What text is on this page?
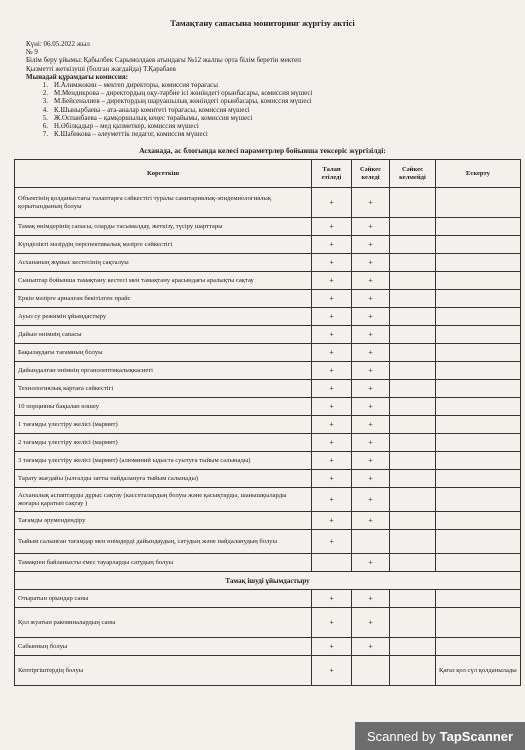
Тамақтану сапасына мониторинг жүргізу актісі
Күні: 06.05.2022 жыл
№ 9
Білім беру ұйымы: Қабылбек Сарымолдаев атындағы №12 жалпы орта білім беретін мектеп
Қызметті жеткізуші (болған жағдайда) Т.Қарабаев
Мынадай құрамдағы комиссия:
1. И.Алимжокин – мектеп директоры, комиссия төрағасы
2. М.Мендикрова – директордың оқу-тәрбие ісі жөніндегі орынбасары, комиссия мүшесі
3. М.Бейсеналиев – директордың шаруашылық жөніндегі орынбасары, комиссия мүшесі
4. К.Шынырбаева – ата-аналар комитеті төрағасы, комиссия мүшесі
5. Ж.Оспанбаева – қамқоршылық кеңес төрайымы, комиссия мүшесі
6. Н.Әбілқадыр – мед қызметкер, комиссия мүшесі
7. К.Шабикова – әлеуметтік педагог, комиссия мүшесі
Асханада, ас блогында келесі параметрлер бойынша тексеріс жүргізілді:
Көрсеткіш	Талап етіледі	Сәйкес келеді	Сәйкес келмейді	Ескерту
Объектінің қолданыстағы талаптарға сәйкестігі туралы санитариялық-эпидемиологиялық қорытындының болуы	+	+		
Тамақ өнімдерінің сапасы, оларды тасымалдау, жеткізу, түсіру шарттары	+	+		
Күнделікті мәзірдің перспективалық мәзірге сәйкестігі	+	+		
Асхананың жұмыс кестесінің сақталуы	+	+		
Сыныптар бойынша тамақтану кестесі мен тамақтану арасындағы аралықты сақтау	+	+		
Еркін мәзірге арналған бекітілген прайс	+	+		
Ауыз су режимін ұйымдастыру	+	+		
Дайын өнімнің сапасы	+	+		
Бақылаудағы тағамның болуы	+	+		
Дайындалған өнімнің органолептикалықкасиеті	+	+		
Технологиялық картаға сәйкестігі	+	+		
10 порцияны бақылап өлшеу	+	+		
1 тағамды үлестіру желісі (мармит)	+	+		
2 тағамды үлестіру желісі (мармит)	+	+		
3 тағамды үлестіру желісі (мармит) (алюминий ыдыста суытуға тыйым салынады)	+	+		
Тарату жағдайы (ылғалды затты пайдалануға тыйым салынады)	+	+		
Асханалық аспаптарды дұрыс сақтау (кассеталардың болуы және қасықтарды, шанышқыларды жоғары қаратып сақтау )	+	+		
Тағамды әрумендендіру	+	+		
Тыйым салынған тағамдар мен өнімдерді дайындаудың, сатудың және пайдаланудың болуы	+			
Тамақпен байланысты емес тауарларды сатудың болуы		+		
Тамақ ішуді ұйымдастыру				
Отыратын орындар саны	+	+		
Қол жуатын раковиналардың саны	+	+		
Сабынның болуы	+	+		
Кептіргіштердің болуы	+			Қағаз қол сүл қолданылады
Scanned by TapScanner
